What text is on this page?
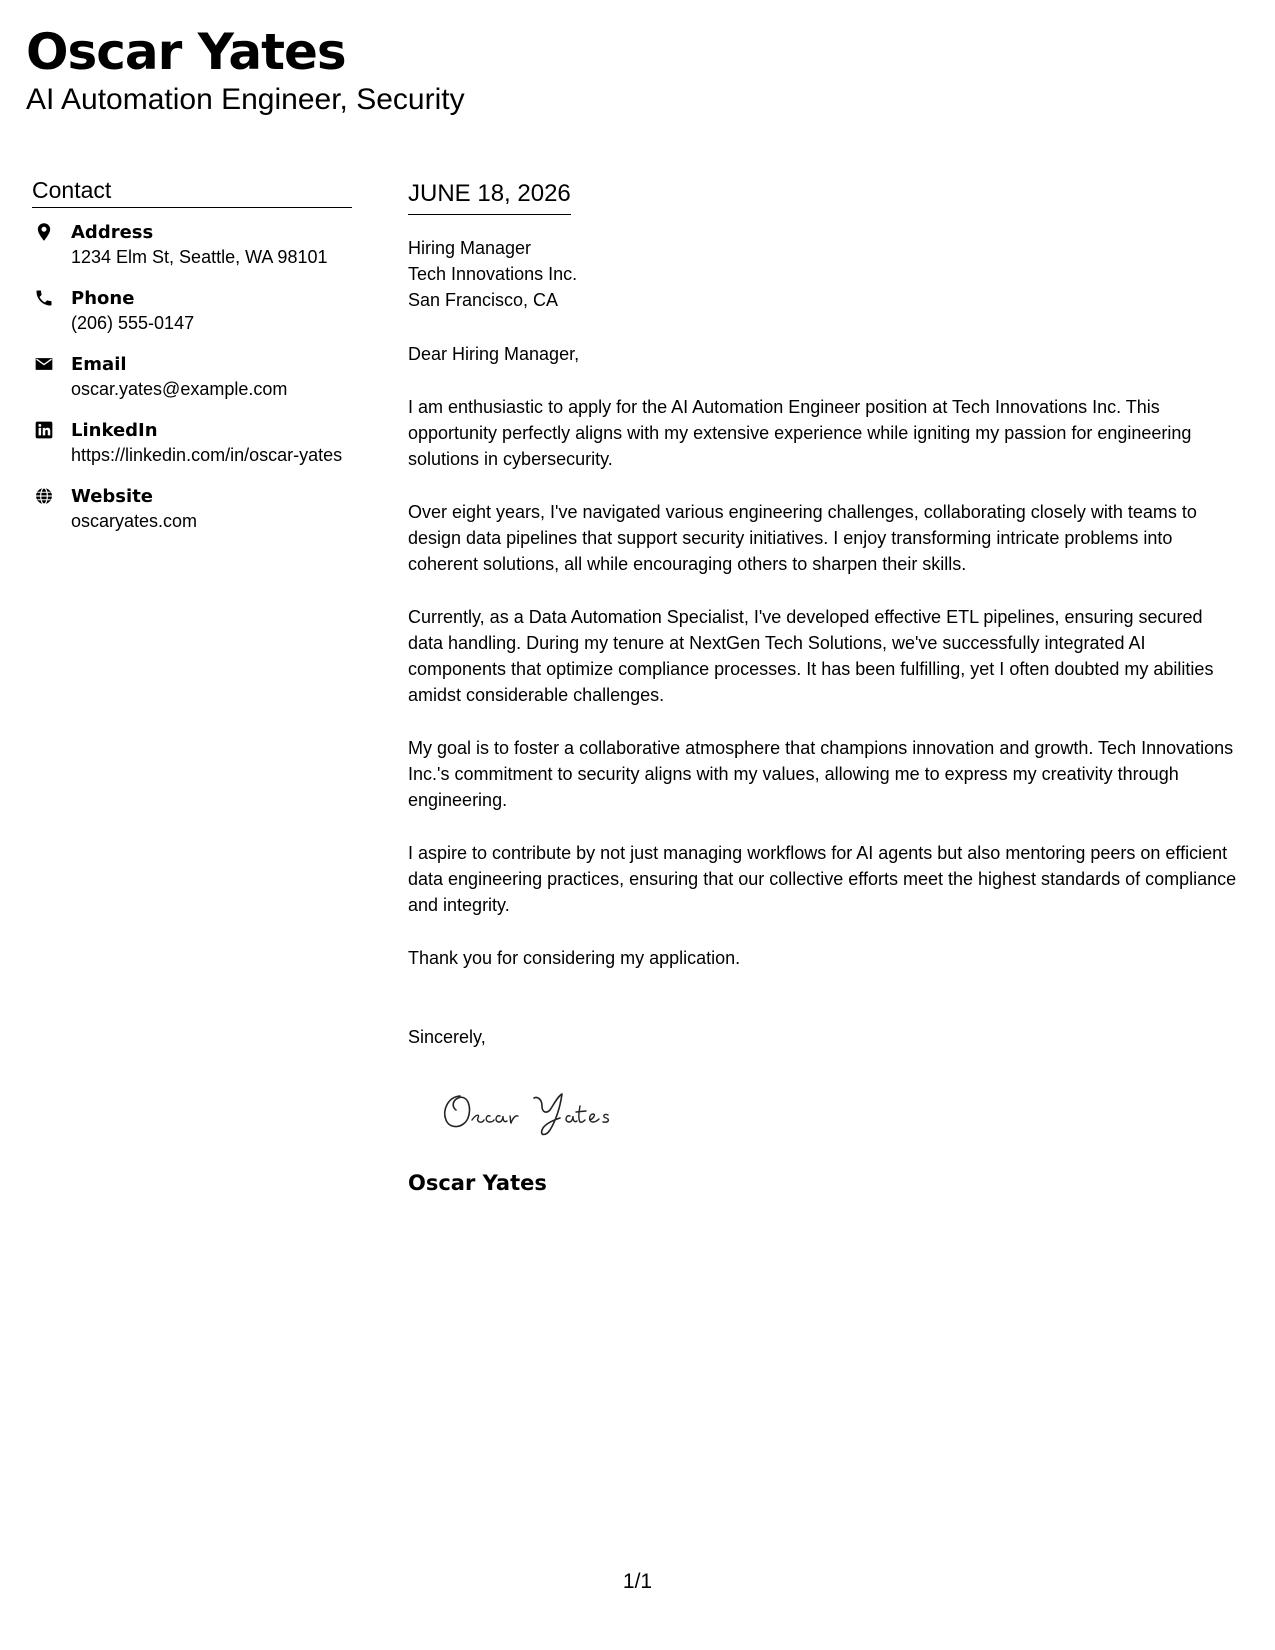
Oscar Yates
AI Automation Engineer, Security
Contact
Address
1234 Elm St, Seattle, WA 98101
Phone
(206) 555-0147
Email
oscar.yates@example.com
LinkedIn
https://linkedin.com/in/oscar-yates
Website
oscaryates.com
JUNE 18, 2026
Hiring Manager
Tech Innovations Inc.
San Francisco, CA
Dear Hiring Manager,
I am enthusiastic to apply for the AI Automation Engineer position at Tech Innovations Inc. This opportunity perfectly aligns with my extensive experience while igniting my passion for engineering solutions in cybersecurity.
Over eight years, I've navigated various engineering challenges, collaborating closely with teams to design data pipelines that support security initiatives. I enjoy transforming intricate problems into coherent solutions, all while encouraging others to sharpen their skills.
Currently, as a Data Automation Specialist, I've developed effective ETL pipelines, ensuring secured data handling. During my tenure at NextGen Tech Solutions, we've successfully integrated AI components that optimize compliance processes. It has been fulfilling, yet I often doubted my abilities amidst considerable challenges.
My goal is to foster a collaborative atmosphere that champions innovation and growth. Tech Innovations Inc.'s commitment to security aligns with my values, allowing me to express my creativity through engineering.
I aspire to contribute by not just managing workflows for AI agents but also mentoring peers on efficient data engineering practices, ensuring that our collective efforts meet the highest standards of compliance and integrity.
Thank you for considering my application.
Sincerely,
Oscar Yates
1/1
